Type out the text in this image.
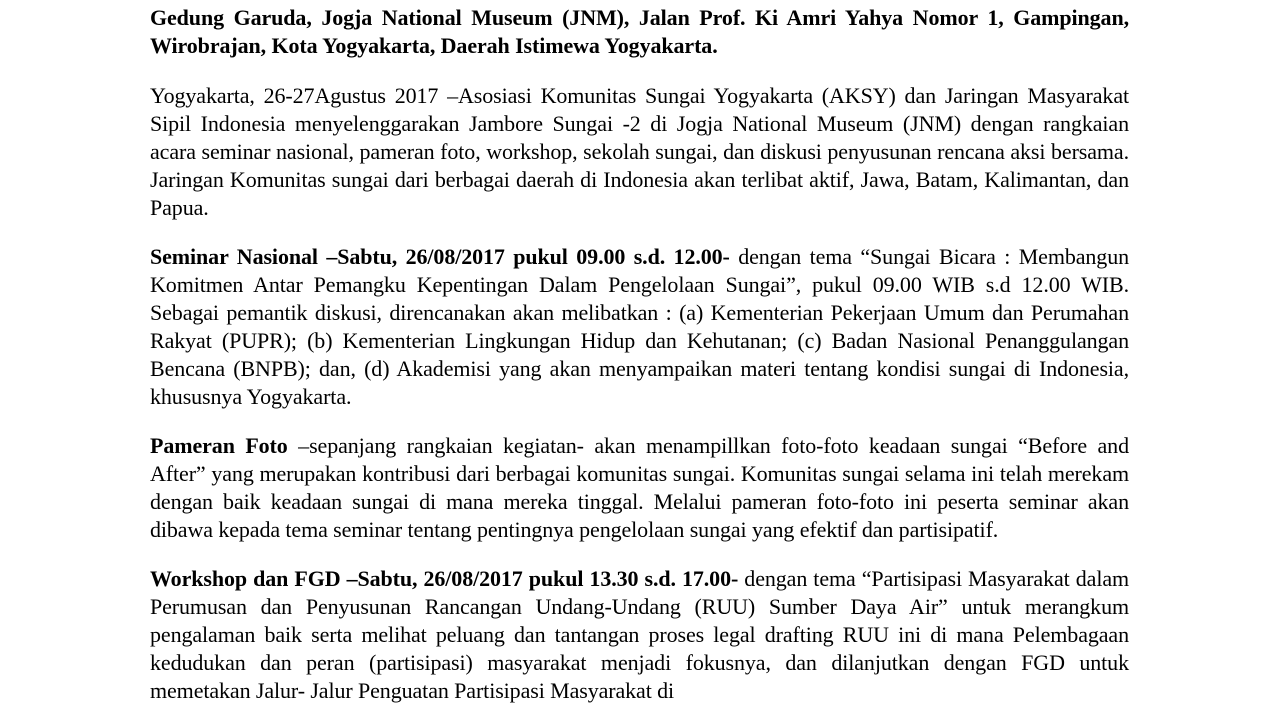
Gedung Garuda, Jogja National Museum (JNM), Jalan Prof. Ki Amri Yahya Nomor 1, Gampingan, Wirobrajan, Kota Yogyakarta, Daerah Istimewa Yogyakarta.

Yogyakarta, 26-27Agustus 2017 –Asosiasi Komunitas Sungai Yogyakarta (AKSY) dan Jaringan Masyarakat Sipil Indonesia menyelenggarakan Jambore Sungai -2 di Jogja National Museum (JNM) dengan rangkaian acara seminar nasional, pameran foto, workshop, sekolah sungai, dan diskusi penyusunan rencana aksi bersama. Jaringan Komunitas sungai dari berbagai daerah di Indonesia akan terlibat aktif, Jawa, Batam, Kalimantan, dan Papua.

Seminar Nasional –Sabtu, 26/08/2017 pukul 09.00 s.d. 12.00- dengan tema “Sungai Bicara : Membangun Komitmen Antar Pemangku Kepentingan Dalam Pengelolaan Sungai”, pukul 09.00 WIB s.d 12.00 WIB. Sebagai pemantik diskusi, direncanakan akan melibatkan : (a) Kementerian Pekerjaan Umum dan Perumahan Rakyat (PUPR); (b) Kementerian Lingkungan Hidup dan Kehutanan; (c) Badan Nasional Penanggulangan Bencana (BNPB); dan, (d) Akademisi yang akan menyampaikan materi tentang kondisi sungai di Indonesia, khususnya Yogyakarta.

Pameran Foto –sepanjang rangkaian kegiatan- akan menampillkan foto-foto keadaan sungai “Before and After” yang merupakan kontribusi dari berbagai komunitas sungai. Komunitas sungai selama ini telah merekam dengan baik keadaan sungai di mana mereka tinggal. Melalui pameran foto-foto ini peserta seminar akan dibawa kepada tema seminar tentang pentingnya pengelolaan sungai yang efektif dan partisipatif.

Workshop dan FGD –Sabtu, 26/08/2017 pukul 13.30 s.d. 17.00- dengan tema “Partisipasi Masyarakat dalam Perumusan dan Penyusunan Rancangan Undang-Undang (RUU) Sumber Daya Air” untuk merangkum pengalaman baik serta melihat peluang dan tantangan proses legal drafting RUU ini di mana Pelembagaan kedudukan dan peran (partisipasi) masyarakat menjadi fokusnya, dan dilanjutkan dengan FGD untuk memetakan Jalur- Jalur Penguatan Partisipasi Masyarakat di
